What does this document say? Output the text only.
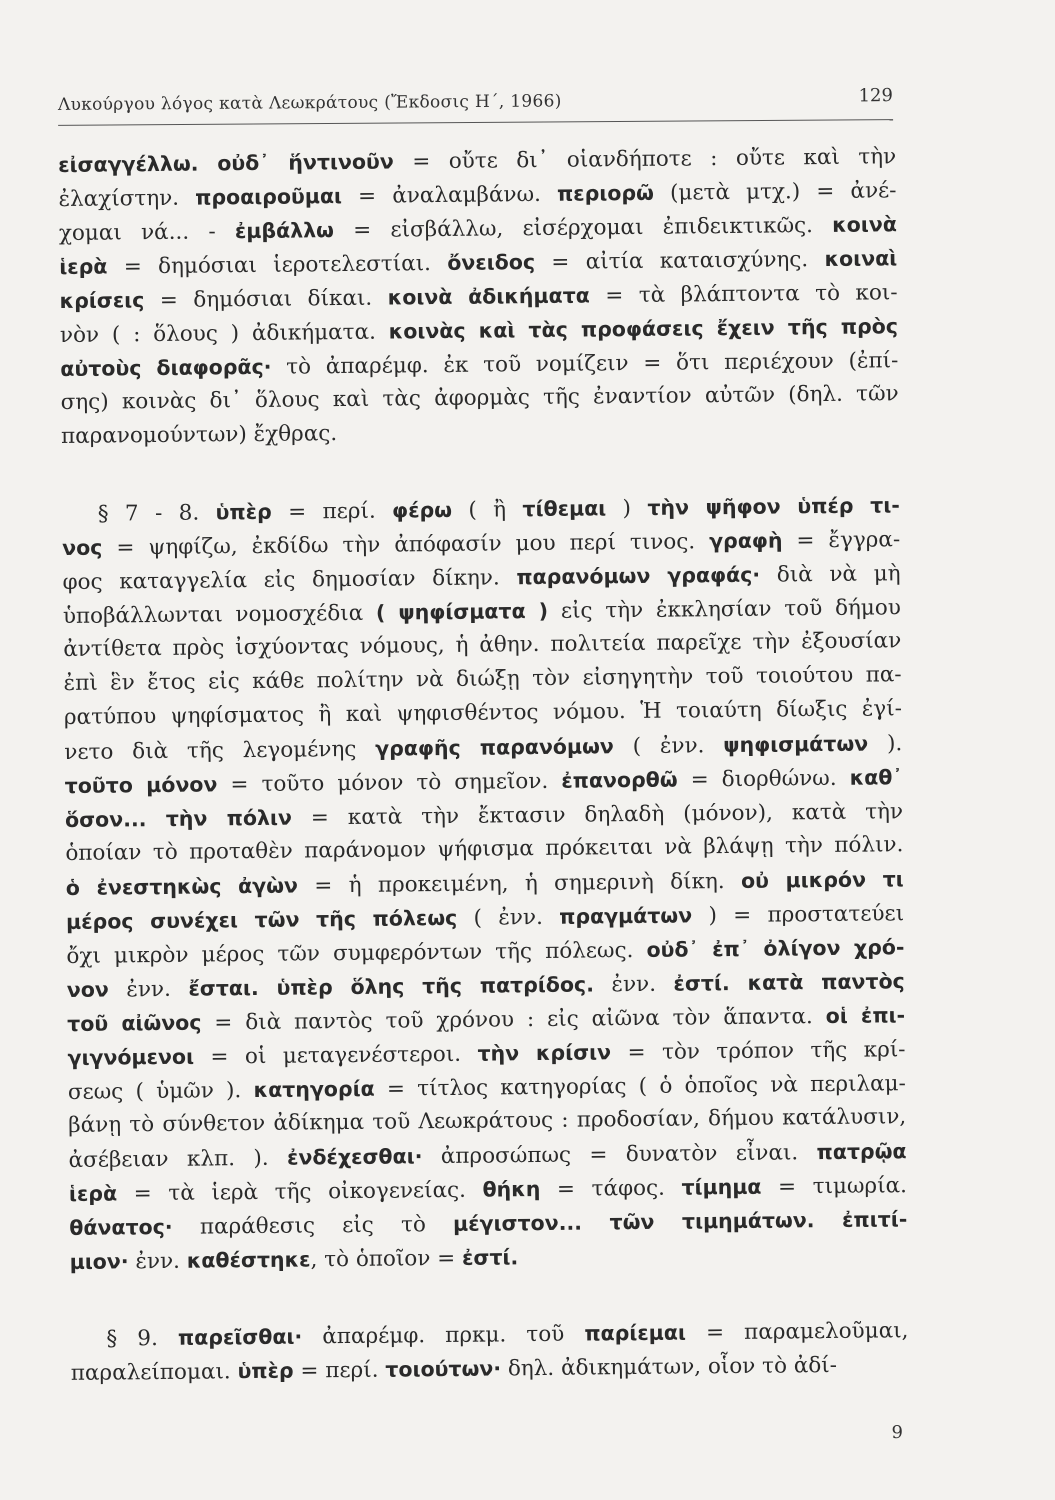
Λυκούργου λόγος κατὰ Λεωκράτους (Ἔκδοσις Η΄, 1966)	129
εἰσαγγέλλω. οὐδ᾿ ἥντινοῦν = οὔτε δι᾿ οἱανδήποτε : οὔτε καὶ τὴν
ἐλαχίστην. προαιροῦμαι = ἀναλαμβάνω. περιορῶ (μετὰ μτχ.) = ἀνέ-
χομαι νά... - ἐμβάλλω = εἰσβάλλω, εἰσέρχομαι ἐπιδεικτικῶς. κοινὰ
ἱερὰ = δημόσιαι ἱεροτελεστίαι. ὄνειδος = αἰτία καταισχύνης. κοιναὶ
κρίσεις = δημόσιαι δίκαι. κοινὰ ἀδικήματα = τὰ βλάπτοντα τὸ κοι-
νὸν ( : ὅλους ) ἀδικήματα. κοινὰς καὶ τὰς προφάσεις ἔχειν τῆς πρὸς
αὐτοὺς διαφορᾶς· τὸ ἀπαρέμφ. ἐκ τοῦ νομίζειν = ὅτι περιέχουν (ἐπί-
σης) κοινὰς δι᾿ ὅλους καὶ τὰς ἀφορμὰς τῆς ἐναντίον αὐτῶν (δηλ. τῶν
παρανομούντων) ἔχθρας.
§ 7 - 8. ὑπὲρ = περί. φέρω ( ἢ τίθεμαι ) τὴν ψῆφον ὑπέρ τι-
νος = ψηφίζω, ἐκδίδω τὴν ἀπόφασίν μου περί τινος. γραφὴ = ἔγγρα-
φος καταγγελία εἰς δημοσίαν δίκην. παρανόμων γραφάς· διὰ νὰ μὴ
ὑποβάλλωνται νομοσχέδια ( ψηφίσματα ) εἰς τὴν ἐκκλησίαν τοῦ δήμου
ἀντίθετα πρὸς ἰσχύοντας νόμους, ἡ ἀθην. πολιτεία παρεῖχε τὴν ἐξουσίαν
ἐπὶ ἓν ἔτος εἰς κάθε πολίτην νὰ διώξῃ τὸν εἰσηγητὴν τοῦ τοιούτου πα-
ρατύπου ψηφίσματος ἢ καὶ ψηφισθέντος νόμου. Ἡ τοιαύτη δίωξις ἐγί-
νετο διὰ τῆς λεγομένης γραφῆς παρανόμων ( ἐνν. ψηφισμάτων ).
τοῦτο μόνον = τοῦτο μόνον τὸ σημεῖον. ἐπανορθῶ = διορθώνω. καθ᾿
ὅσον... τὴν πόλιν = κατὰ τὴν ἔκτασιν δηλαδὴ (μόνον), κατὰ τὴν
ὁποίαν τὸ προταθὲν παράνομον ψήφισμα πρόκειται νὰ βλάψῃ τὴν πόλιν.
ὁ ἐνεστηκὼς ἀγὼν = ἡ προκειμένη, ἡ σημερινὴ δίκη. οὐ μικρόν τι
μέρος συνέχει τῶν τῆς πόλεως ( ἐνν. πραγμάτων ) = προστατεύει
ὄχι μικρὸν μέρος τῶν συμφερόντων τῆς πόλεως. οὐδ᾿ ἐπ᾿ ὀλίγον χρό-
νον ἐνν. ἔσται. ὑπὲρ ὅλης τῆς πατρίδος. ἐνν. ἐστί. κατὰ παντὸς
τοῦ αἰῶνος = διὰ παντὸς τοῦ χρόνου : εἰς αἰῶνα τὸν ἅπαντα. οἱ ἐπι-
γιγνόμενοι = οἱ μεταγενέστεροι. τὴν κρίσιν = τὸν τρόπον τῆς κρί-
σεως ( ὑμῶν ). κατηγορία = τίτλος κατηγορίας ( ὁ ὁποῖος νὰ περιλαμ-
βάνῃ τὸ σύνθετον ἀδίκημα τοῦ Λεωκράτους : προδοσίαν, δήμου κατάλυσιν,
ἀσέβειαν κλπ. ). ἐνδέχεσθαι· ἀπροσώπως = δυνατὸν εἶναι. πατρῷα
ἱερὰ = τὰ ἱερὰ τῆς οἰκογενείας. θήκη = τάφος. τίμημα = τιμωρία.
θάνατος· παράθεσις εἰς τὸ μέγιστον... τῶν τιμημάτων. ἐπιτί-
μιον· ἐνν. καθέστηκε, τὸ ὁποῖον = ἐστί.
§ 9. παρεῖσθαι· ἀπαρέμφ. πρκμ. τοῦ παρίεμαι = παραμελοῦμαι,
παραλείπομαι. ὑπὲρ = περί. τοιούτων· δηλ. ἀδικημάτων, οἷον τὸ ἀδί-
9
